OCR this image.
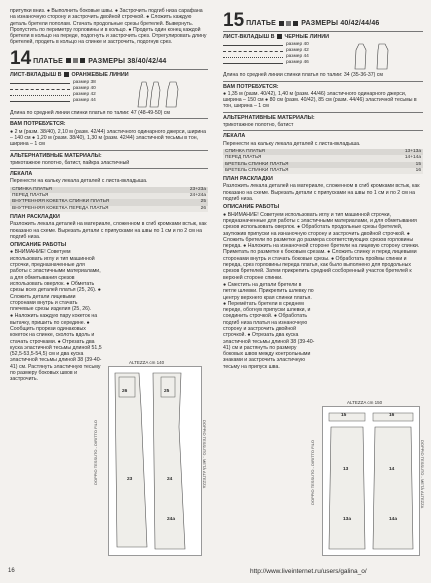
притупки вниз. ● Выполнить боковые швы. ● Застрочить подгиб низа сарафана на изнаночную сторону и застрочить двойной строчкой. ● Сложить каждую деталь бретели пополам. Стачать продольные срезы бретелей. Вывернуть. Пропустить по периметру горловины и в кольцо. ● Продеть один конец каждой бретели в кольцо на переде, подогнуть и застрочить срез. Отрегулировать длину бретелей, продеть в кольцо на спинке и застрочить, подогнув срез.

14 ПЛАТЬЕ	РАЗМЕРЫ 38/40/42/44
ЛИСТ-ВКЛАДЫШ B ОРАНЖЕВЫЕ ЛИНИИ
размер 38
размер 40
размер 42
размер 44

Длина по средней линии спинки платья по талии: 47 (48-49-50) см

ВАМ ПОТРЕБУЕТСЯ:

● 2 м (разм. 38/40), 2,10 м (разм. 42/44) эластичного одинарного джерси, ширина – 140 см ● 1,20 м (разм. 38/40), 1,30 м (разм. 42/44) эластичной тесьмы в тон, ширина – 1 см

АЛЬТЕРНАТИВНЫЕ МАТЕРИАЛЫ:

трикотажное полотно, батист, пайкра эластичный

ЛЕКАЛА

Перенести на кальку лекала деталей с листа-вкладыша.

СПИНКА ПЛАТЬЯ	23+23а
ПЕРЕД ПЛАТЬЯ	24+24а
ВНУТРЕННЯЯ КОКЕТКА СПИНКИ ПЛАТЬЯ	25
ВНУТРЕННЯЯ КОКЕТКА ПЕРЕДА ПЛАТЬЯ	26
ПЛАН РАСКЛАДКИ

Разложить лекала деталей на материале, сложенном в сгиб кромками встык, как показано на схеме. Вырезать детали с припусками на швы по 1 см и по 2 см на подгиб низа.

ОПИСАНИЕ РАБОТЫ

● ВНИМАНИЕ! Советуем использовать иглу и тип машинной строчки, предназначенные для работы с эластичными материалами, а для обметывания срезов использовать оверлок. ● Обметать срезы всех деталей платья (25, 26). ● Сложить детали лицевыми сторонами внутрь и стачать плечевые срезы изделия (25, 26).

● Наложить каждую пару кокеток на вытачку, пришить по середине. ● Сообщить прорези одинаковых кокеток на спинке, сколоть вдоль и стачать строчками. ● Отрезать два куска эластичной тесьмы длиной 51,5 (52,5-53,5-54,5) см и два куска эластичной тесьмы длиной 38 (39-40-41) см. Растянуть эластичную тесьму по размеру боковых швов и застрочить.

ALTEZZA cm 140
26	25
23	24
24а
DOPPIO TESSUTO - DIRITTO FILO	DOPPIO TESSUTO - METÀ ALTEZZA
15 ПЛАТЬЕ	РАЗМЕРЫ 40/42/44/46
ЛИСТ-ВКЛАДЫШ B ЧЕРНЫЕ ЛИНИИ
размер 40
размер 42
размер 44
размер 46

Длина по средней линии спинки платья по талии: 34 (35-36-37) см

ВАМ ПОТРЕБУЕТСЯ:

● 1,35 м (разм. 40/42), 1,40 м (разм. 44/46) эластичного одинарного джерси, ширина – 150 см ● 80 см (разм. 40/42), 85 см (разм. 44/46) эластичной тесьмы в тон, ширина – 1 см

АЛЬТЕРНАТИВНЫЕ МАТЕРИАЛЫ:

трикотажное полотно, батист

ЛЕКАЛА

Перенести на кальку лекала деталей с листа-вкладыша.

СПИНКА ПЛАТЬЯ	13+13а
ПЕРЕД ПЛАТЬЯ	14+14а
БРЕТЕЛЬ СПИНКИ ПЛАТЬЯ	15
БРЕТЕЛЬ СПИНКИ ПЛАТЬЯ	16
ПЛАН РАСКЛАДКИ

Разложить лекала деталей на материале, сложенном в сгиб кромками встык, как показано на схеме. Вырезать детали с припусками на швы по 1 см и по 2 см на подгиб низа.

ОПИСАНИЕ РАБОТЫ

● ВНИМАНИЕ! Советуем использовать иглу и тип машинной строчки, предназначенные для работы с эластичными материалами, и для обметывания срезов использовать оверлок. ● Обработать продольные срезы бретелей, заутюжив припуски на изнаночную сторону и застрочить двойной строчкой. ● Сложить бретели по разметке до размера соответствующих срезов горловины переда. ● Наложить на изнаночной стороне бретели на лицевую сторону спинки. Приметать по разметке к боковым срезам. ● Сложить спинку и перед лицевыми сторонами внутрь и стачать боковые срезы. ● Обработать проймы спинки и переда, срез горловины переда платья, как было выполнено для продольных срезов бретелей. Затем прикрепить средний сосборенный участок бретелей к верхней стороне спинки.

● Сместить на детали бретели в петле шлевки. Прикрепить шлевку по центру верхнего края спинки платья. ● Перемётать бретели в среднем переде, обогнув припуски шлевки, и соединить строчкой. ● Обработать подгиб низа платья на изнаночную сторону и застрочить двойной строчкой. ● Отрезать два куска эластичной тесьмы длиной 38 (39-40-41) см и растянуть по размеру боковых швов между контрольными знаками и застрочить эластичную тесьму на припуск шва.

ALTEZZA cm 150
15	16
13	14
13а	14а
DOPPIO TESSUTO - DIRITTO FILO	DOPPIO TESSUTO - METÀ ALTEZZA
16	http://www.liveinternet.ru/users/galina_o/
